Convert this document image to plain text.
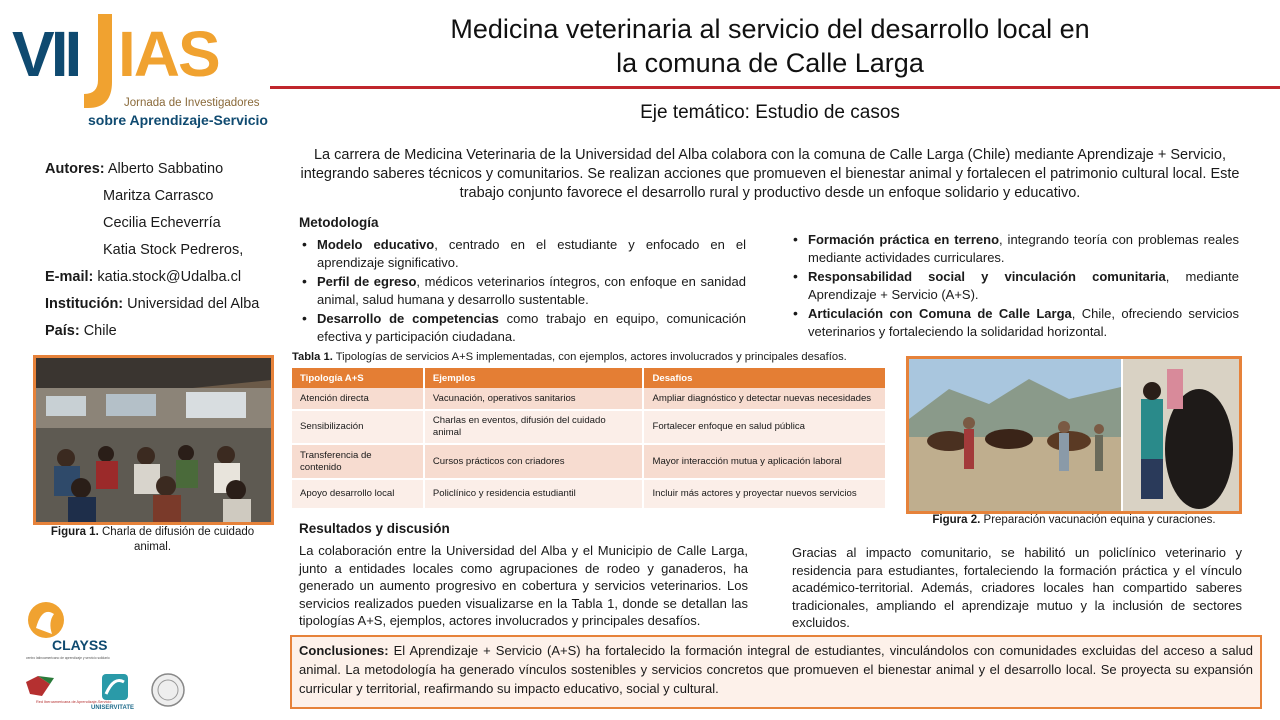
VII IAS
Jornada de Investigadores
sobre Aprendizaje-Servicio
Medicina veterinaria al servicio del desarrollo local en
la comuna de Calle Larga
Eje temático: Estudio de casos
Autores: Alberto Sabbatino
Maritza Carrasco
Cecilia Echeverría
Katia Stock Pedreros,
E-mail: katia.stock@Udalba.cl
Institución: Universidad del Alba
País: Chile
La carrera de Medicina Veterinaria de la Universidad del Alba colabora con la comuna de Calle Larga (Chile) mediante Aprendizaje + Servicio, integrando saberes técnicos y comunitarios. Se realizan acciones que promueven el bienestar animal y fortalecen el patrimonio cultural local. Este trabajo conjunto favorece el desarrollo rural y productivo desde un enfoque solidario y educativo.
Metodología
• Modelo educativo, centrado en el estudiante y enfocado en el aprendizaje significativo.
• Perfil de egreso, médicos veterinarios íntegros, con enfoque en sanidad animal, salud humana y desarrollo sustentable.
• Desarrollo de competencias como trabajo en equipo, comunicación efectiva y participación ciudadana.
• Formación práctica en terreno, integrando teoría con problemas reales mediante actividades curriculares.
• Responsabilidad social y vinculación comunitaria, mediante Aprendizaje + Servicio (A+S).
• Articulación con Comuna de Calle Larga, Chile, ofreciendo servicios veterinarios y fortaleciendo la solidaridad horizontal.
Figura 1. Charla de difusión de cuidado animal.
Tabla 1. Tipologías de servicios A+S implementadas, con ejemplos, actores involucrados y principales desafíos.
Tipología A+S	Ejemplos	Desafíos
Atención directa	Vacunación, operativos sanitarios	Ampliar diagnóstico y detectar nuevas necesidades
Sensibilización	Charlas en eventos, difusión del cuidado animal	Fortalecer enfoque en salud pública
Transferencia de contenido	Cursos prácticos con criadores	Mayor interacción mutua y aplicación laboral
Apoyo desarrollo local	Policlínico y residencia estudiantil	Incluir más actores y proyectar nuevos servicios
Figura 2. Preparación vacunación equina y curaciones.
Resultados y discusión
La colaboración entre la Universidad del Alba y el Municipio de Calle Larga, junto a entidades locales como agrupaciones de rodeo y ganaderos, ha generado un aumento progresivo en cobertura y servicios veterinarios. Los servicios realizados pueden visualizarse en la Tabla 1, donde se detallan las tipologías A+S, ejemplos, actores involucrados y principales desafíos.
Gracias al impacto comunitario, se habilitó un policlínico veterinario y residencia para estudiantes, fortaleciendo la formación práctica y el vínculo académico-territorial. Además, criadores locales han compartido saberes tradicionales, ampliando el aprendizaje mutuo y la inclusión de sectores excluidos.
Conclusiones: El Aprendizaje + Servicio (A+S) ha fortalecido la formación integral de estudiantes, vinculándolos con comunidades excluidas del acceso a salud animal. La metodología ha generado vínculos sostenibles y servicios concretos que promueven el bienestar animal y el desarrollo local. Se proyecta su expansión curricular y territorial, reafirmando su impacto educativo, social y cultural.
CLAYSS
centro latinoamericano de aprendizaje y servicio solidario
Red Iberoamericana de Aprendizaje-Servicio
UNISERVITATE
